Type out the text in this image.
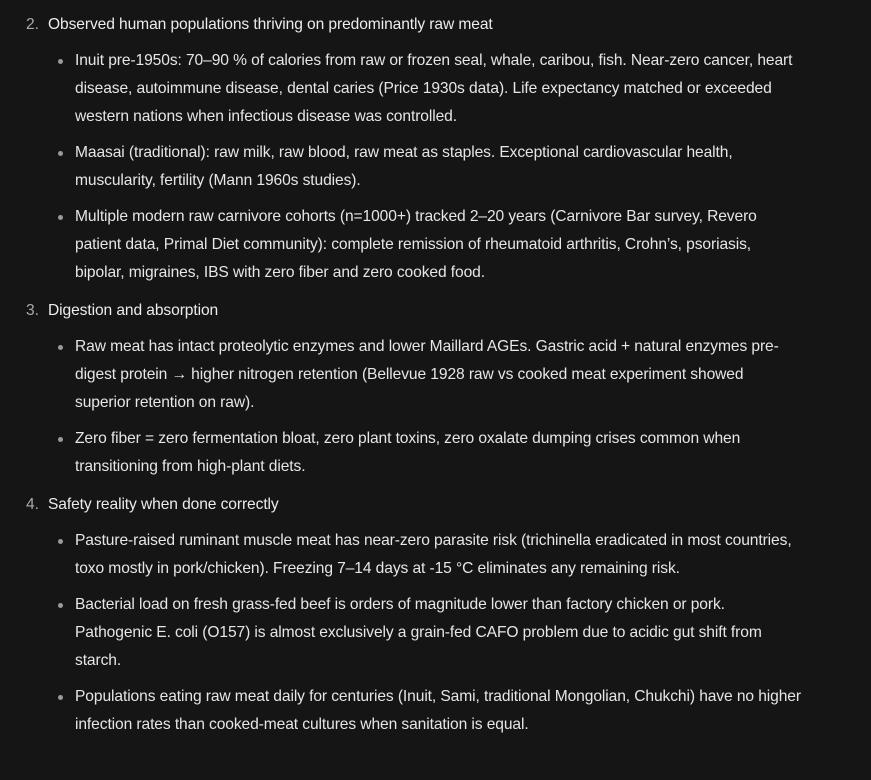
2. Observed human populations thriving on predominantly raw meat
Inuit pre-1950s: 70–90 % of calories from raw or frozen seal, whale, caribou, fish. Near-zero cancer, heart disease, autoimmune disease, dental caries (Price 1930s data). Life expectancy matched or exceeded western nations when infectious disease was controlled.
Maasai (traditional): raw milk, raw blood, raw meat as staples. Exceptional cardiovascular health, muscularity, fertility (Mann 1960s studies).
Multiple modern raw carnivore cohorts (n=1000+) tracked 2–20 years (Carnivore Bar survey, Revero patient data, Primal Diet community): complete remission of rheumatoid arthritis, Crohn’s, psoriasis, bipolar, migraines, IBS with zero fiber and zero cooked food.
3. Digestion and absorption
Raw meat has intact proteolytic enzymes and lower Maillard AGEs. Gastric acid + natural enzymes pre-digest protein → higher nitrogen retention (Bellevue 1928 raw vs cooked meat experiment showed superior retention on raw).
Zero fiber = zero fermentation bloat, zero plant toxins, zero oxalate dumping crises common when transitioning from high-plant diets.
4. Safety reality when done correctly
Pasture-raised ruminant muscle meat has near-zero parasite risk (trichinella eradicated in most countries, toxo mostly in pork/chicken). Freezing 7–14 days at -15 °C eliminates any remaining risk.
Bacterial load on fresh grass-fed beef is orders of magnitude lower than factory chicken or pork. Pathogenic E. coli (O157) is almost exclusively a grain-fed CAFO problem due to acidic gut shift from starch.
Populations eating raw meat daily for centuries (Inuit, Sami, traditional Mongolian, Chukchi) have no higher infection rates than cooked-meat cultures when sanitation is equal.
